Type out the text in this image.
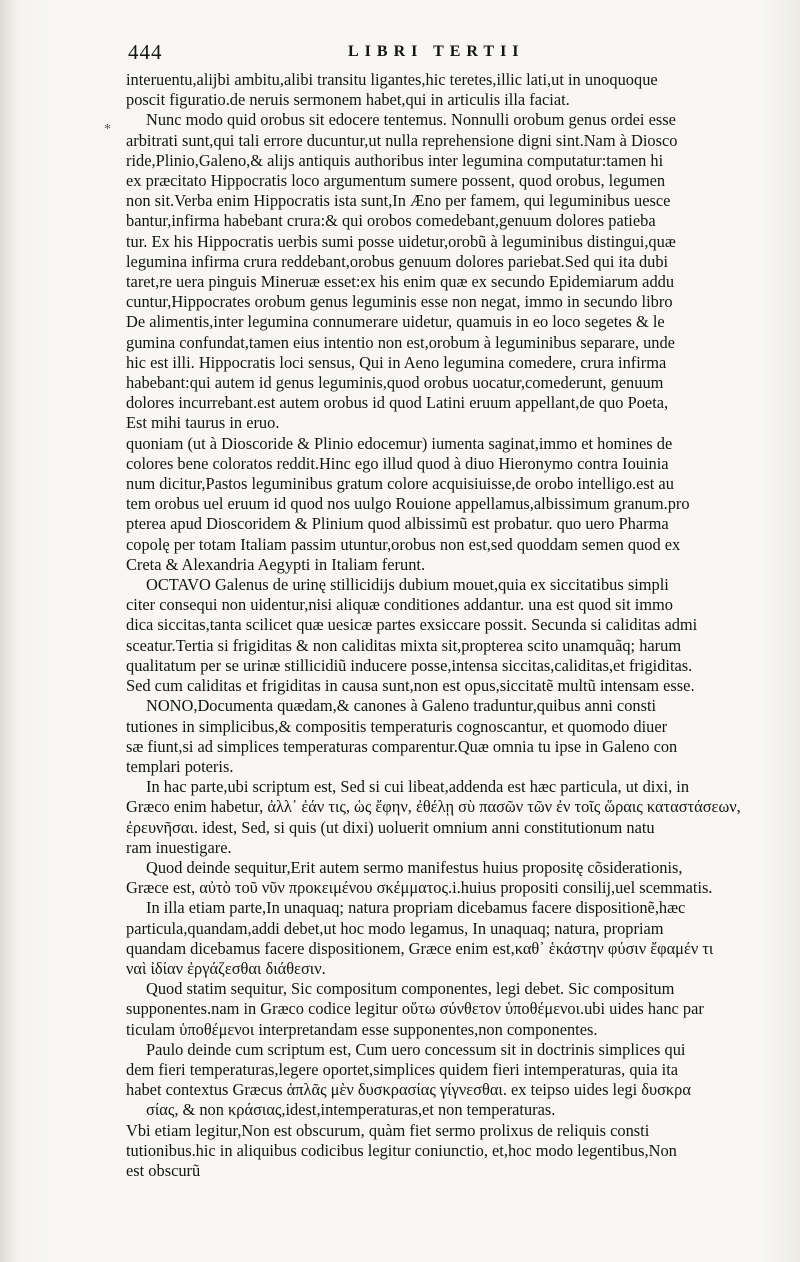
444	LIBRI TERTII
*
interuentu,alijbi ambitu,alibi transitu ligantes,hic teretes,illic lati,ut in unoquoque
poscit figuratio.de neruis sermonem habet,qui in articulis illa faciat.
Nunc modo quid orobus sit edocere tentemus. Nonnulli orobum genus ordei esse
arbitrati sunt,qui tali errore ducuntur,ut nulla reprehensione digni sint.Nam à Diosco
ride,Plinio,Galeno,& alijs antiquis authoribus inter legumina computatur:tamen hi
ex præcitato Hippocratis loco argumentum sumere possent, quod orobus, legumen
non sit.Verba enim Hippocratis ista sunt,In Æno per famem, qui leguminibus uesce
bantur,infirma habebant crura:& qui orobos comedebant,genuum dolores patieba
tur. Ex his Hippocratis uerbis sumi posse uidetur,orobũ à leguminibus distingui,quæ
legumina infirma crura reddebant,orobus genuum dolores pariebat.Sed qui ita dubi
taret,re uera pinguis Mineruæ esset:ex his enim quæ ex secundo Epidemiarum addu
cuntur,Hippocrates orobum genus leguminis esse non negat, immo in secundo libro
De alimentis,inter legumina connumerare uidetur, quamuis in eo loco segetes & le
gumina confundat,tamen eius intentio non est,orobum à leguminibus separare, unde
hic est illi. Hippocratis loci sensus, Qui in Aeno legumina comedere, crura infirma
habebant:qui autem id genus leguminis,quod orobus uocatur,comederunt, genuum
dolores incurrebant.est autem orobus id quod Latini eruum appellant,de quo Poeta,
Est mihi taurus in eruo.
quoniam (ut à Dioscoride & Plinio edocemur) iumenta saginat,immo et homines de
colores bene coloratos reddit.Hinc ego illud quod à diuo Hieronymo contra Iouinia
num dicitur,Pastos leguminibus gratum colore acquisiuisse,de orobo intelligo.est au
tem orobus uel eruum id quod nos uulgo Rouione appellamus,albissimum granum.pro
pterea apud Dioscoridem & Plinium quod albissimũ est probatur. quo uero Pharma
copolę per totam Italiam passim utuntur,orobus non est,sed quoddam semen quod ex
Creta & Alexandria Aegypti in Italiam ferunt.
OCTAVO Galenus de urinę stillicidijs dubium mouet,quia ex siccitatibus simpli
citer consequi non uidentur,nisi aliquæ conditiones addantur. una est quod sit immo
dica siccitas,tanta scilicet quæ uesicæ partes exsiccare possit. Secunda si caliditas admi
sceatur.Tertia si frigiditas & non caliditas mixta sit,propterea scito unamquãq; harum
qualitatum per se urinæ stillicidiũ inducere posse,intensa siccitas,caliditas,et frigiditas.
Sed cum caliditas et frigiditas in causa sunt,non est opus,siccitatẽ multũ intensam esse.
NONO,Documenta quædam,& canones à Galeno traduntur,quibus anni consti
tutiones in simplicibus,& compositis temperaturis cognoscantur, et quomodo diuer
sæ fiunt,si ad simplices temperaturas comparentur.Quæ omnia tu ipse in Galeno con
templari poteris.
In hac parte,ubi scriptum est, Sed si cui libeat,addenda est hæc particula, ut dixi, in
Græco enim habetur, ἀλλ᾽ ἐάν τις, ὡς ἔφην, ἐθέλῃ σὺ πασῶν τῶν ἐν τοῖς ὥραις καταστάσεων,
ἐρευνῆσαι. idest, Sed, si quis (ut dixi) uoluerit omnium anni constitutionum natu
ram inuestigare.
Quod deinde sequitur,Erit autem sermo manifestus huius propositę cõsiderationis,
Græce est, αὐτὸ τοῦ νῦν προκειμένου σκέμματος.i.huius propositi consilij,uel scemmatis.
In illa etiam parte,In unaquaq; natura propriam dicebamus facere dispositionẽ,hæc
particula,quandam,addi debet,ut hoc modo legamus, In unaquaq; natura, propriam
quandam dicebamus facere dispositionem, Græce enim est,καθ᾽ ἑκάστην φύσιν ἔφαμέν τι
ναὶ ἰδίαν ἐργάζεσθαι διάθεσιν.
Quod statim sequitur, Sic compositum componentes, legi debet. Sic compositum
supponentes.nam in Græco codice legitur οὕτω σύνθετον ὑποθέμενοι.ubi uides hanc par
ticulam ὑποθέμενοι interpretandam esse supponentes,non componentes.
Paulo deinde cum scriptum est, Cum uero concessum sit in doctrinis simplices qui
dem fieri temperaturas,legere oportet,simplices quidem fieri intemperaturas, quia ita
habet contextus Græcus ἁπλᾶς μὲν δυσκρασίας γίγνεσθαι. ex teipso uides legi δυσκρα
σίας, & non κράσιας,idest,intemperaturas,et non temperaturas.
Vbi etiam legitur,Non est obscurum, quàm fiet sermo prolixus de reliquis consti
tutionibus.hic in aliquibus codicibus legitur coniunctio, et,hoc modo legentibus,Non
est obscurũ
